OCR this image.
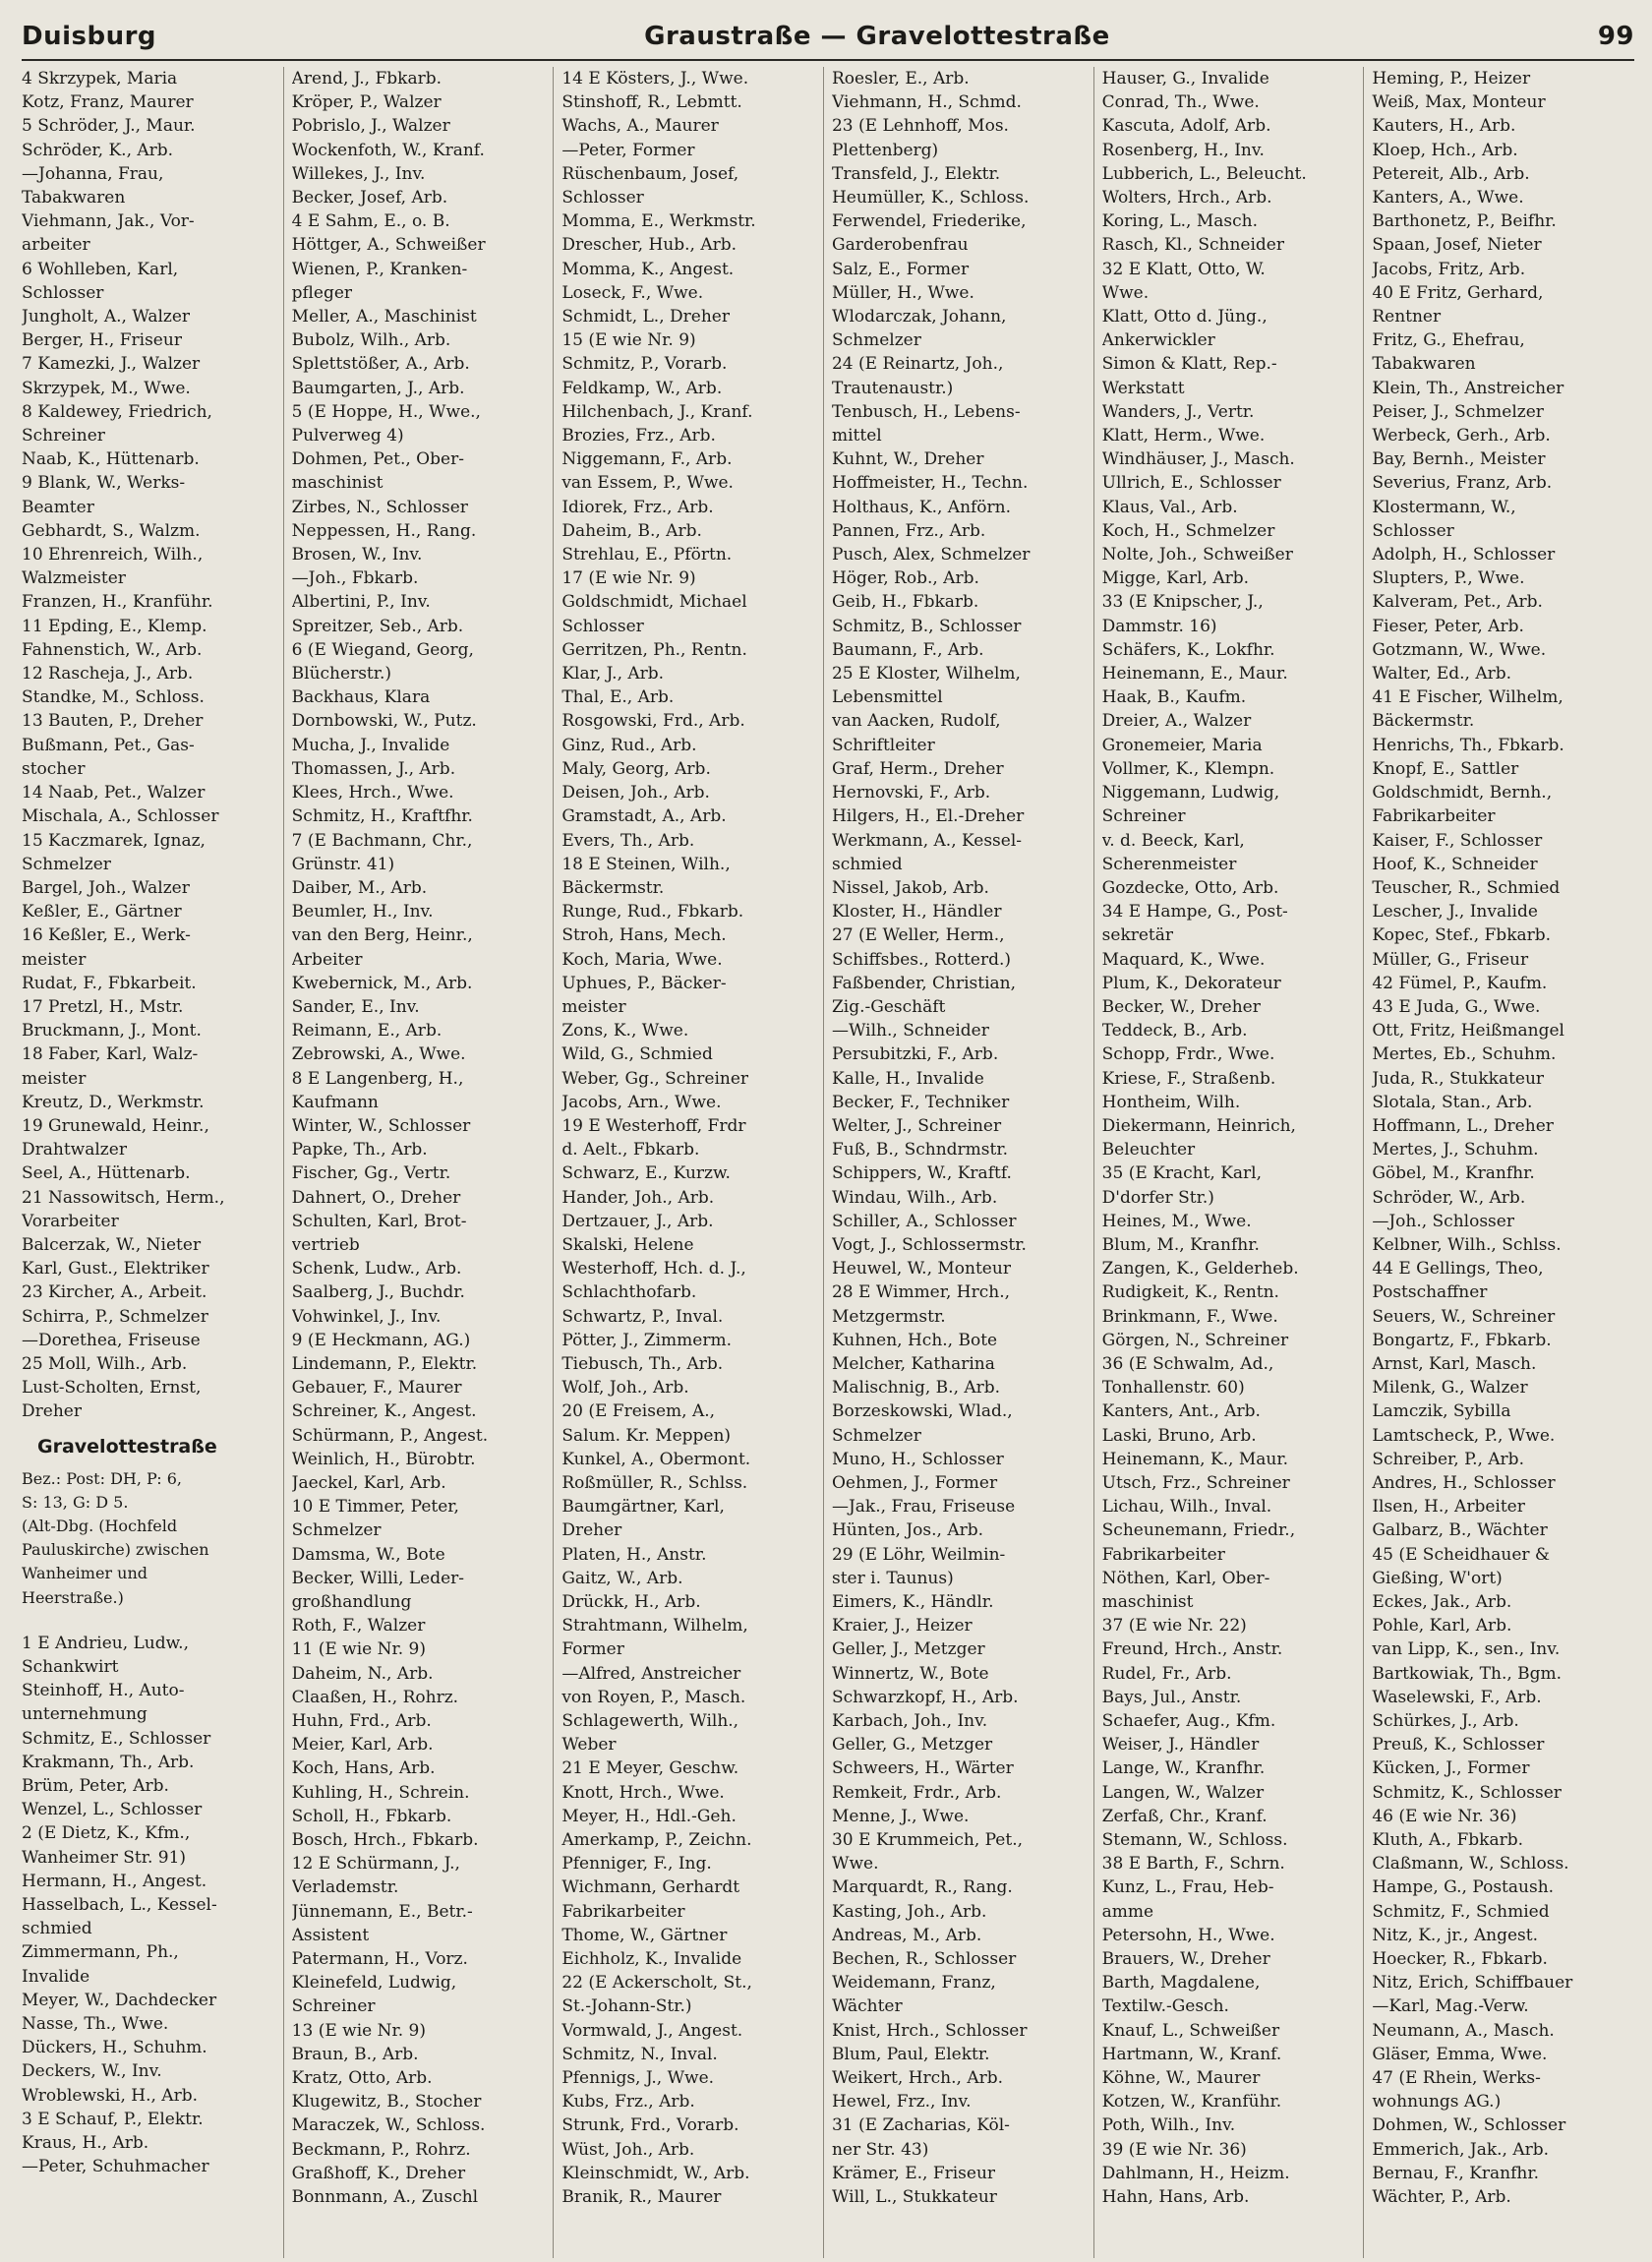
Duisburg	Graustraße — Gravelottestraße	99
4 Skrzypek, Maria
Kotz, Franz, Maurer
5 Schröder, J., Maur.
Schröder, K., Arb.
—Johanna, Frau,
Tabakwaren
Viehmann, Jak., Vor-
arbeiter
6 Wohlleben, Karl,
Schlosser
Jungholt, A., Walzer
Berger, H., Friseur
7 Kamezki, J., Walzer
Skrzypek, M., Wwe.
8 Kaldewey, Friedrich,
Schreiner
Naab, K., Hüttenarb.
9 Blank, W., Werks-
Beamter
Gebhardt, S., Walzm.
10 Ehrenreich, Wilh.,
Walzmeister
Franzen, H., Kranführ.
11 Epding, E., Klemp.
Fahnenstich, W., Arb.
12 Rascheja, J., Arb.
Standke, M., Schloss.
13 Bauten, P., Dreher
Bußmann, Pet., Gas-
stocher
14 Naab, Pet., Walzer
Mischala, A., Schlosser
15 Kaczmarek, Ignaz,
Schmelzer
Bargel, Joh., Walzer
Keßler, E., Gärtner
16 Keßler, E., Werk-
meister
Rudat, F., Fbkarbeit.
17 Pretzl, H., Mstr.
Bruckmann, J., Mont.
18 Faber, Karl, Walz-
meister
Kreutz, D., Werkmstr.
19 Grunewald, Heinr.,
Drahtwalzer
Seel, A., Hüttenarb.
21 Nassowitsch, Herm.,
Vorarbeiter
Balcerzak, W., Nieter
Karl, Gust., Elektriker
23 Kircher, A., Arbeit.
Schirra, P., Schmelzer
—Dorethea, Friseuse
25 Moll, Wilh., Arb.
Lust-Scholten, Ernst,
Dreher
Gravelottestraße
Bez.: Post: DH, P: 6,
S: 13, G: D 5.
(Alt-Dbg. (Hochfeld
Pauluskirche) zwischen
Wanheimer und
Heerstraße.)
1 E Andrieu, Ludw.,
Schankwirt
Steinhoff, H., Auto-
unternehmung
Schmitz, E., Schlosser
Krakmann, Th., Arb.
Brüm, Peter, Arb.
Wenzel, L., Schlosser
2 (E Dietz, K., Kfm.,
Wanheimer Str. 91)
Hermann, H., Angest.
Hasselbach, L., Kessel-
schmied
Zimmermann, Ph.,
Invalide
Meyer, W., Dachdecker
Nasse, Th., Wwe.
Dückers, H., Schuhm.
Deckers, W., Inv.
Wroblewski, H., Arb.
3 E Schauf, P., Elektr.
Kraus, H., Arb.
—Peter, Schuhmacher
Arend, J., Fbkarb.
Kröper, P., Walzer
Pobrislo, J., Walzer
Wockenfoth, W., Kranf.
Willekes, J., Inv.
Becker, Josef, Arb.
4 E Sahm, E., o. B.
Höttger, A., Schweißer
Wienen, P., Kranken-
pfleger
Meller, A., Maschinist
Bubolz, Wilh., Arb.
Splettstößer, A., Arb.
Baumgarten, J., Arb.
5 (E Hoppe, H., Wwe.,
Pulverweg 4)
Dohmen, Pet., Ober-
maschinist
Zirbes, N., Schlosser
Neppessen, H., Rang.
Brosen, W., Inv.
—Joh., Fbkarb.
Albertini, P., Inv.
Spreitzer, Seb., Arb.
6 (E Wiegand, Georg,
Blücherstr.)
Backhaus, Klara
Dornbowski, W., Putz.
Mucha, J., Invalide
Thomassen, J., Arb.
Klees, Hrch., Wwe.
Schmitz, H., Kraftfhr.
7 (E Bachmann, Chr.,
Grünstr. 41)
Daiber, M., Arb.
Beumler, H., Inv.
van den Berg, Heinr.,
Arbeiter
Kwebernick, M., Arb.
Sander, E., Inv.
Reimann, E., Arb.
Zebrowski, A., Wwe.
8 E Langenberg, H.,
Kaufmann
Winter, W., Schlosser
Papke, Th., Arb.
Fischer, Gg., Vertr.
Dahnert, O., Dreher
Schulten, Karl, Brot-
vertrieb
Schenk, Ludw., Arb.
Saalberg, J., Buchdr.
Vohwinkel, J., Inv.
9 (E Heckmann, AG.)
Lindemann, P., Elektr.
Gebauer, F., Maurer
Schreiner, K., Angest.
Schürmann, P., Angest.
Weinlich, H., Bürobtr.
Jaeckel, Karl, Arb.
10 E Timmer, Peter,
Schmelzer
Damsma, W., Bote
Becker, Willi, Leder-
großhandlung
Roth, F., Walzer
11 (E wie Nr. 9)
Daheim, N., Arb.
Claaßen, H., Rohrz.
Huhn, Frd., Arb.
Meier, Karl, Arb.
Koch, Hans, Arb.
Kuhling, H., Schrein.
Scholl, H., Fbkarb.
Bosch, Hrch., Fbkarb.
12 E Schürmann, J.,
Verlademstr.
Jünnemann, E., Betr.-
Assistent
Patermann, H., Vorz.
Kleinefeld, Ludwig,
Schreiner
13 (E wie Nr. 9)
Braun, B., Arb.
Kratz, Otto, Arb.
Klugewitz, B., Stocher
Maraczek, W., Schloss.
Beckmann, P., Rohrz.
Graßhoff, K., Dreher
Bonnmann, A., Zuschl
14 E Kösters, J., Wwe.
Stinshoff, R., Lebmtt.
Wachs, A., Maurer
—Peter, Former
Rüschenbaum, Josef,
Schlosser
Momma, E., Werkmstr.
Drescher, Hub., Arb.
Momma, K., Angest.
Loseck, F., Wwe.
Schmidt, L., Dreher
15 (E wie Nr. 9)
Schmitz, P., Vorarb.
Feldkamp, W., Arb.
Hilchenbach, J., Kranf.
Brozies, Frz., Arb.
Niggemann, F., Arb.
van Essem, P., Wwe.
Idiorek, Frz., Arb.
Daheim, B., Arb.
Strehlau, E., Pförtn.
17 (E wie Nr. 9)
Goldschmidt, Michael
Schlosser
Gerritzen, Ph., Rentn.
Klar, J., Arb.
Thal, E., Arb.
Rosgowski, Frd., Arb.
Ginz, Rud., Arb.
Maly, Georg, Arb.
Deisen, Joh., Arb.
Gramstadt, A., Arb.
Evers, Th., Arb.
18 E Steinen, Wilh.,
Bäckermstr.
Runge, Rud., Fbkarb.
Stroh, Hans, Mech.
Koch, Maria, Wwe.
Uphues, P., Bäcker-
meister
Zons, K., Wwe.
Wild, G., Schmied
Weber, Gg., Schreiner
Jacobs, Arn., Wwe.
19 E Westerhoff, Frdr
d. Aelt., Fbkarb.
Schwarz, E., Kurzw.
Hander, Joh., Arb.
Dertzauer, J., Arb.
Skalski, Helene
Westerhoff, Hch. d. J.,
Schlachthofarb.
Schwartz, P., Inval.
Pötter, J., Zimmerm.
Tiebusch, Th., Arb.
Wolf, Joh., Arb.
20 (E Freisem, A.,
Salum. Kr. Meppen)
Kunkel, A., Obermont.
Roßmüller, R., Schlss.
Baumgärtner, Karl,
Dreher
Platen, H., Anstr.
Gaitz, W., Arb.
Drückk, H., Arb.
Strahtmann, Wilhelm,
Former
—Alfred, Anstreicher
von Royen, P., Masch.
Schlagewerth, Wilh.,
Weber
21 E Meyer, Geschw.
Knott, Hrch., Wwe.
Meyer, H., Hdl.-Geh.
Amerkamp, P., Zeichn.
Pfenniger, F., Ing.
Wichmann, Gerhardt
Fabrikarbeiter
Thome, W., Gärtner
Eichholz, K., Invalide
22 (E Ackerscholt, St.,
St.-Johann-Str.)
Vormwald, J., Angest.
Schmitz, N., Inval.
Pfennigs, J., Wwe.
Kubs, Frz., Arb.
Strunk, Frd., Vorarb.
Wüst, Joh., Arb.
Kleinschmidt, W., Arb.
Branik, R., Maurer
Roesler, E., Arb.
Viehmann, H., Schmd.
23 (E Lehnhoff, Mos.
Plettenberg)
Transfeld, J., Elektr.
Heumüller, K., Schloss.
Ferwendel, Friederike,
Garderobenfrau
Salz, E., Former
Müller, H., Wwe.
Wlodarczak, Johann,
Schmelzer
24 (E Reinartz, Joh.,
Trautenaustr.)
Tenbusch, H., Lebens-
mittel
Kuhnt, W., Dreher
Hoffmeister, H., Techn.
Holthaus, K., Anförn.
Pannen, Frz., Arb.
Pusch, Alex, Schmelzer
Höger, Rob., Arb.
Geib, H., Fbkarb.
Schmitz, B., Schlosser
Baumann, F., Arb.
25 E Kloster, Wilhelm,
Lebensmittel
van Aacken, Rudolf,
Schriftleiter
Graf, Herm., Dreher
Hernovski, F., Arb.
Hilgers, H., El.-Dreher
Werkmann, A., Kessel-
schmied
Nissel, Jakob, Arb.
Kloster, H., Händler
27 (E Weller, Herm.,
Schiffsbes., Rotterd.)
Faßbender, Christian,
Zig.-Geschäft
—Wilh., Schneider
Persubitzki, F., Arb.
Kalle, H., Invalide
Becker, F., Techniker
Welter, J., Schreiner
Fuß, B., Schndrmstr.
Schippers, W., Kraftf.
Windau, Wilh., Arb.
Schiller, A., Schlosser
Vogt, J., Schlossermstr.
Heuwel, W., Monteur
28 E Wimmer, Hrch.,
Metzgermstr.
Kuhnen, Hch., Bote
Melcher, Katharina
Malischnig, B., Arb.
Borzeskowski, Wlad.,
Schmelzer
Muno, H., Schlosser
Oehmen, J., Former
—Jak., Frau, Friseuse
Hünten, Jos., Arb.
29 (E Löhr, Weilmin-
ster i. Taunus)
Eimers, K., Händlr.
Kraier, J., Heizer
Geller, J., Metzger
Winnertz, W., Bote
Schwarzkopf, H., Arb.
Karbach, Joh., Inv.
Geller, G., Metzger
Schweers, H., Wärter
Remkeit, Frdr., Arb.
Menne, J., Wwe.
30 E Krummeich, Pet.,
Wwe.
Marquardt, R., Rang.
Kasting, Joh., Arb.
Andreas, M., Arb.
Bechen, R., Schlosser
Weidemann, Franz,
Wächter
Knist, Hrch., Schlosser
Blum, Paul, Elektr.
Weikert, Hrch., Arb.
Hewel, Frz., Inv.
31 (E Zacharias, Köl-
ner Str. 43)
Krämer, E., Friseur
Will, L., Stukkateur
Hauser, G., Invalide
Conrad, Th., Wwe.
Kascuta, Adolf, Arb.
Rosenberg, H., Inv.
Lubberich, L., Beleucht.
Wolters, Hrch., Arb.
Koring, L., Masch.
Rasch, Kl., Schneider
32 E Klatt, Otto, W.
Wwe.
Klatt, Otto d. Jüng.,
Ankerwickler
Simon & Klatt, Rep.-
Werkstatt
Wanders, J., Vertr.
Klatt, Herm., Wwe.
Windhäuser, J., Masch.
Ullrich, E., Schlosser
Klaus, Val., Arb.
Koch, H., Schmelzer
Nolte, Joh., Schweißer
Migge, Karl, Arb.
33 (E Knipscher, J.,
Dammstr. 16)
Schäfers, K., Lokfhr.
Heinemann, E., Maur.
Haak, B., Kaufm.
Dreier, A., Walzer
Gronemeier, Maria
Vollmer, K., Klempn.
Niggemann, Ludwig,
Schreiner
v. d. Beeck, Karl,
Scherenmeister
Gozdecke, Otto, Arb.
34 E Hampe, G., Post-
sekretär
Maquard, K., Wwe.
Plum, K., Dekorateur
Becker, W., Dreher
Teddeck, B., Arb.
Schopp, Frdr., Wwe.
Kriese, F., Straßenb.
Hontheim, Wilh.
Diekermann, Heinrich,
Beleuchter
35 (E Kracht, Karl,
D'dorfer Str.)
Heines, M., Wwe.
Blum, M., Kranfhr.
Zangen, K., Gelderheb.
Rudigkeit, K., Rentn.
Brinkmann, F., Wwe.
Görgen, N., Schreiner
36 (E Schwalm, Ad.,
Tonhallenstr. 60)
Kanters, Ant., Arb.
Laski, Bruno, Arb.
Heinemann, K., Maur.
Utsch, Frz., Schreiner
Lichau, Wilh., Inval.
Scheunemann, Friedr.,
Fabrikarbeiter
Nöthen, Karl, Ober-
maschinist
37 (E wie Nr. 22)
Freund, Hrch., Anstr.
Rudel, Fr., Arb.
Bays, Jul., Anstr.
Schaefer, Aug., Kfm.
Weiser, J., Händler
Lange, W., Kranfhr.
Langen, W., Walzer
Zerfaß, Chr., Kranf.
Stemann, W., Schloss.
38 E Barth, F., Schrn.
Kunz, L., Frau, Heb-
amme
Petersohn, H., Wwe.
Brauers, W., Dreher
Barth, Magdalene,
Textilw.-Gesch.
Knauf, L., Schweißer
Hartmann, W., Kranf.
Köhne, W., Maurer
Kotzen, W., Kranführ.
Poth, Wilh., Inv.
39 (E wie Nr. 36)
Dahlmann, H., Heizm.
Hahn, Hans, Arb.
Heming, P., Heizer
Weiß, Max, Monteur
Kauters, H., Arb.
Kloep, Hch., Arb.
Petereit, Alb., Arb.
Kanters, A., Wwe.
Barthonetz, P., Beifhr.
Spaan, Josef, Nieter
Jacobs, Fritz, Arb.
40 E Fritz, Gerhard,
Rentner
Fritz, G., Ehefrau,
Tabakwaren
Klein, Th., Anstreicher
Peiser, J., Schmelzer
Werbeck, Gerh., Arb.
Bay, Bernh., Meister
Severius, Franz, Arb.
Klostermann, W.,
Schlosser
Adolph, H., Schlosser
Slupters, P., Wwe.
Kalveram, Pet., Arb.
Fieser, Peter, Arb.
Gotzmann, W., Wwe.
Walter, Ed., Arb.
41 E Fischer, Wilhelm,
Bäckermstr.
Henrichs, Th., Fbkarb.
Knopf, E., Sattler
Goldschmidt, Bernh.,
Fabrikarbeiter
Kaiser, F., Schlosser
Hoof, K., Schneider
Teuscher, R., Schmied
Lescher, J., Invalide
Kopec, Stef., Fbkarb.
Müller, G., Friseur
42 Fümel, P., Kaufm.
43 E Juda, G., Wwe.
Ott, Fritz, Heißmangel
Mertes, Eb., Schuhm.
Juda, R., Stukkateur
Slotala, Stan., Arb.
Hoffmann, L., Dreher
Mertes, J., Schuhm.
Göbel, M., Kranfhr.
Schröder, W., Arb.
—Joh., Schlosser
Kelbner, Wilh., Schlss.
44 E Gellings, Theo,
Postschaffner
Seuers, W., Schreiner
Bongartz, F., Fbkarb.
Arnst, Karl, Masch.
Milenk, G., Walzer
Lamczik, Sybilla
Lamtscheck, P., Wwe.
Schreiber, P., Arb.
Andres, H., Schlosser
Ilsen, H., Arbeiter
Galbarz, B., Wächter
45 (E Scheidhauer &
Gießing, W'ort)
Eckes, Jak., Arb.
Pohle, Karl, Arb.
van Lipp, K., sen., Inv.
Bartkowiak, Th., Bgm.
Waselewski, F., Arb.
Schürkes, J., Arb.
Preuß, K., Schlosser
Kücken, J., Former
Schmitz, K., Schlosser
46 (E wie Nr. 36)
Kluth, A., Fbkarb.
Claßmann, W., Schloss.
Hampe, G., Postaush.
Schmitz, F., Schmied
Nitz, K., jr., Angest.
Hoecker, R., Fbkarb.
Nitz, Erich, Schiffbauer
—Karl, Mag.-Verw.
Neumann, A., Masch.
Gläser, Emma, Wwe.
47 (E Rhein, Werks-
wohnungs AG.)
Dohmen, W., Schlosser
Emmerich, Jak., Arb.
Bernau, F., Kranfhr.
Wächter, P., Arb.
